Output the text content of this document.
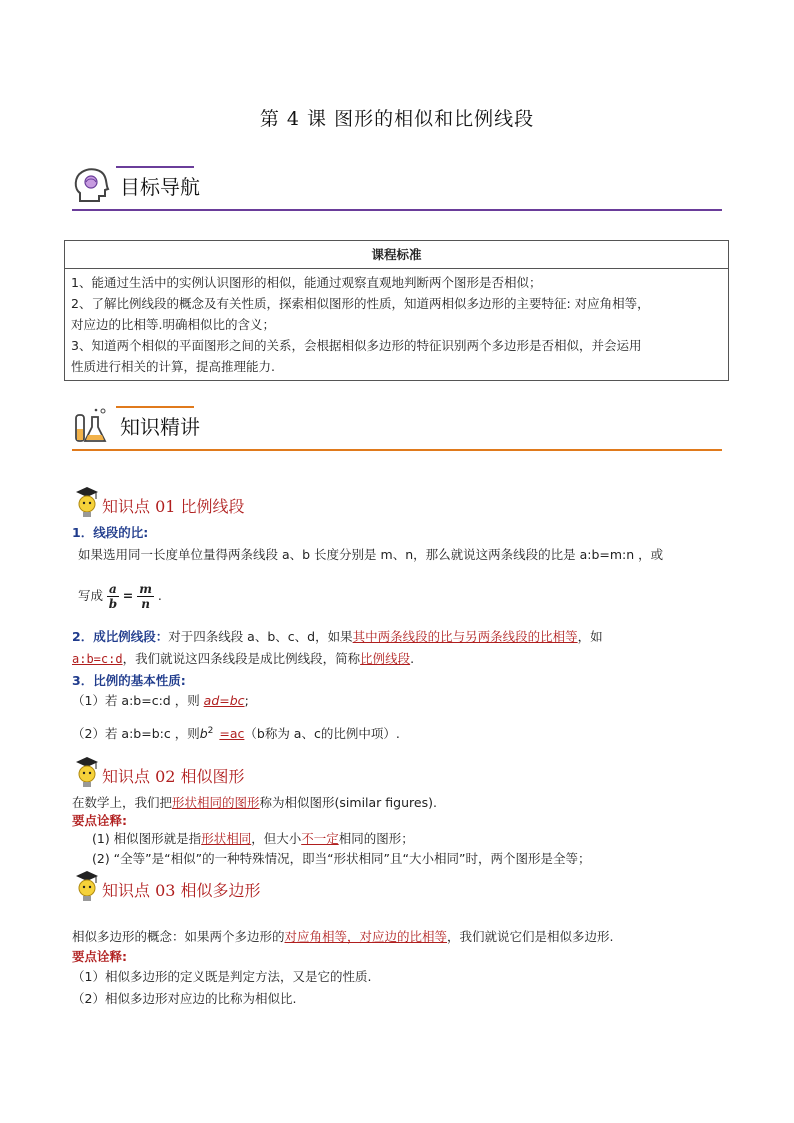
第 4 课 图形的相似和比例线段
目标导航
课程标准

1、能通过生活中的实例认识图形的相似，能通过观察直观地判断两个图形是否相似；
2、了解比例线段的概念及有关性质，探索相似图形的性质，知道两相似多边形的主要特征: 对应角相等，
对应边的比相等.明确相似比的含义；
3、知道两个相似的平面图形之间的关系，会根据相似多边形的特征识别两个多边形是否相似，并会运用
性质进行相关的计算，提高推理能力.
知识精讲
知识点 01 比例线段
1．线段的比:
如果选用同一长度单位量得两条线段 a、b 长度分别是 m、n，那么就说这两条线段的比是 a:b=m:n ，或
写成 $\frac{a}{b} = \frac{m}{n}$ .
2．成比例线段：对于四条线段 a、b、c、d，如果其中两条线段的比与另两条线段的比相等，如
a:b=c:d，我们就说这四条线段是成比例线段，简称比例线段.
3．比例的基本性质:
（1）若 a:b=c:d ，则 ad=bc;
（2）若 a:b=b:c ，则$b^2 =ac(b$称为 a、c的比例中项）.
知识点 02 相似图形
在数学上，我们把形状相同的图形称为相似图形(similar figures).
要点诠释:
(1) 相似图形就是指形状相同，但大小不一定相同的图形；
(2) “全等”是“相似”的一种特殊情况，即当“形状相同”且“大小相同”时，两个图形是全等；
知识点 03 相似多边形
相似多边形的概念：如果两个多边形的对应角相等，对应边的比相等，我们就说它们是相似多边形.
要点诠释:
（1）相似多边形的定义既是判定方法，又是它的性质.
（2）相似多边形对应边的比称为相似比.
